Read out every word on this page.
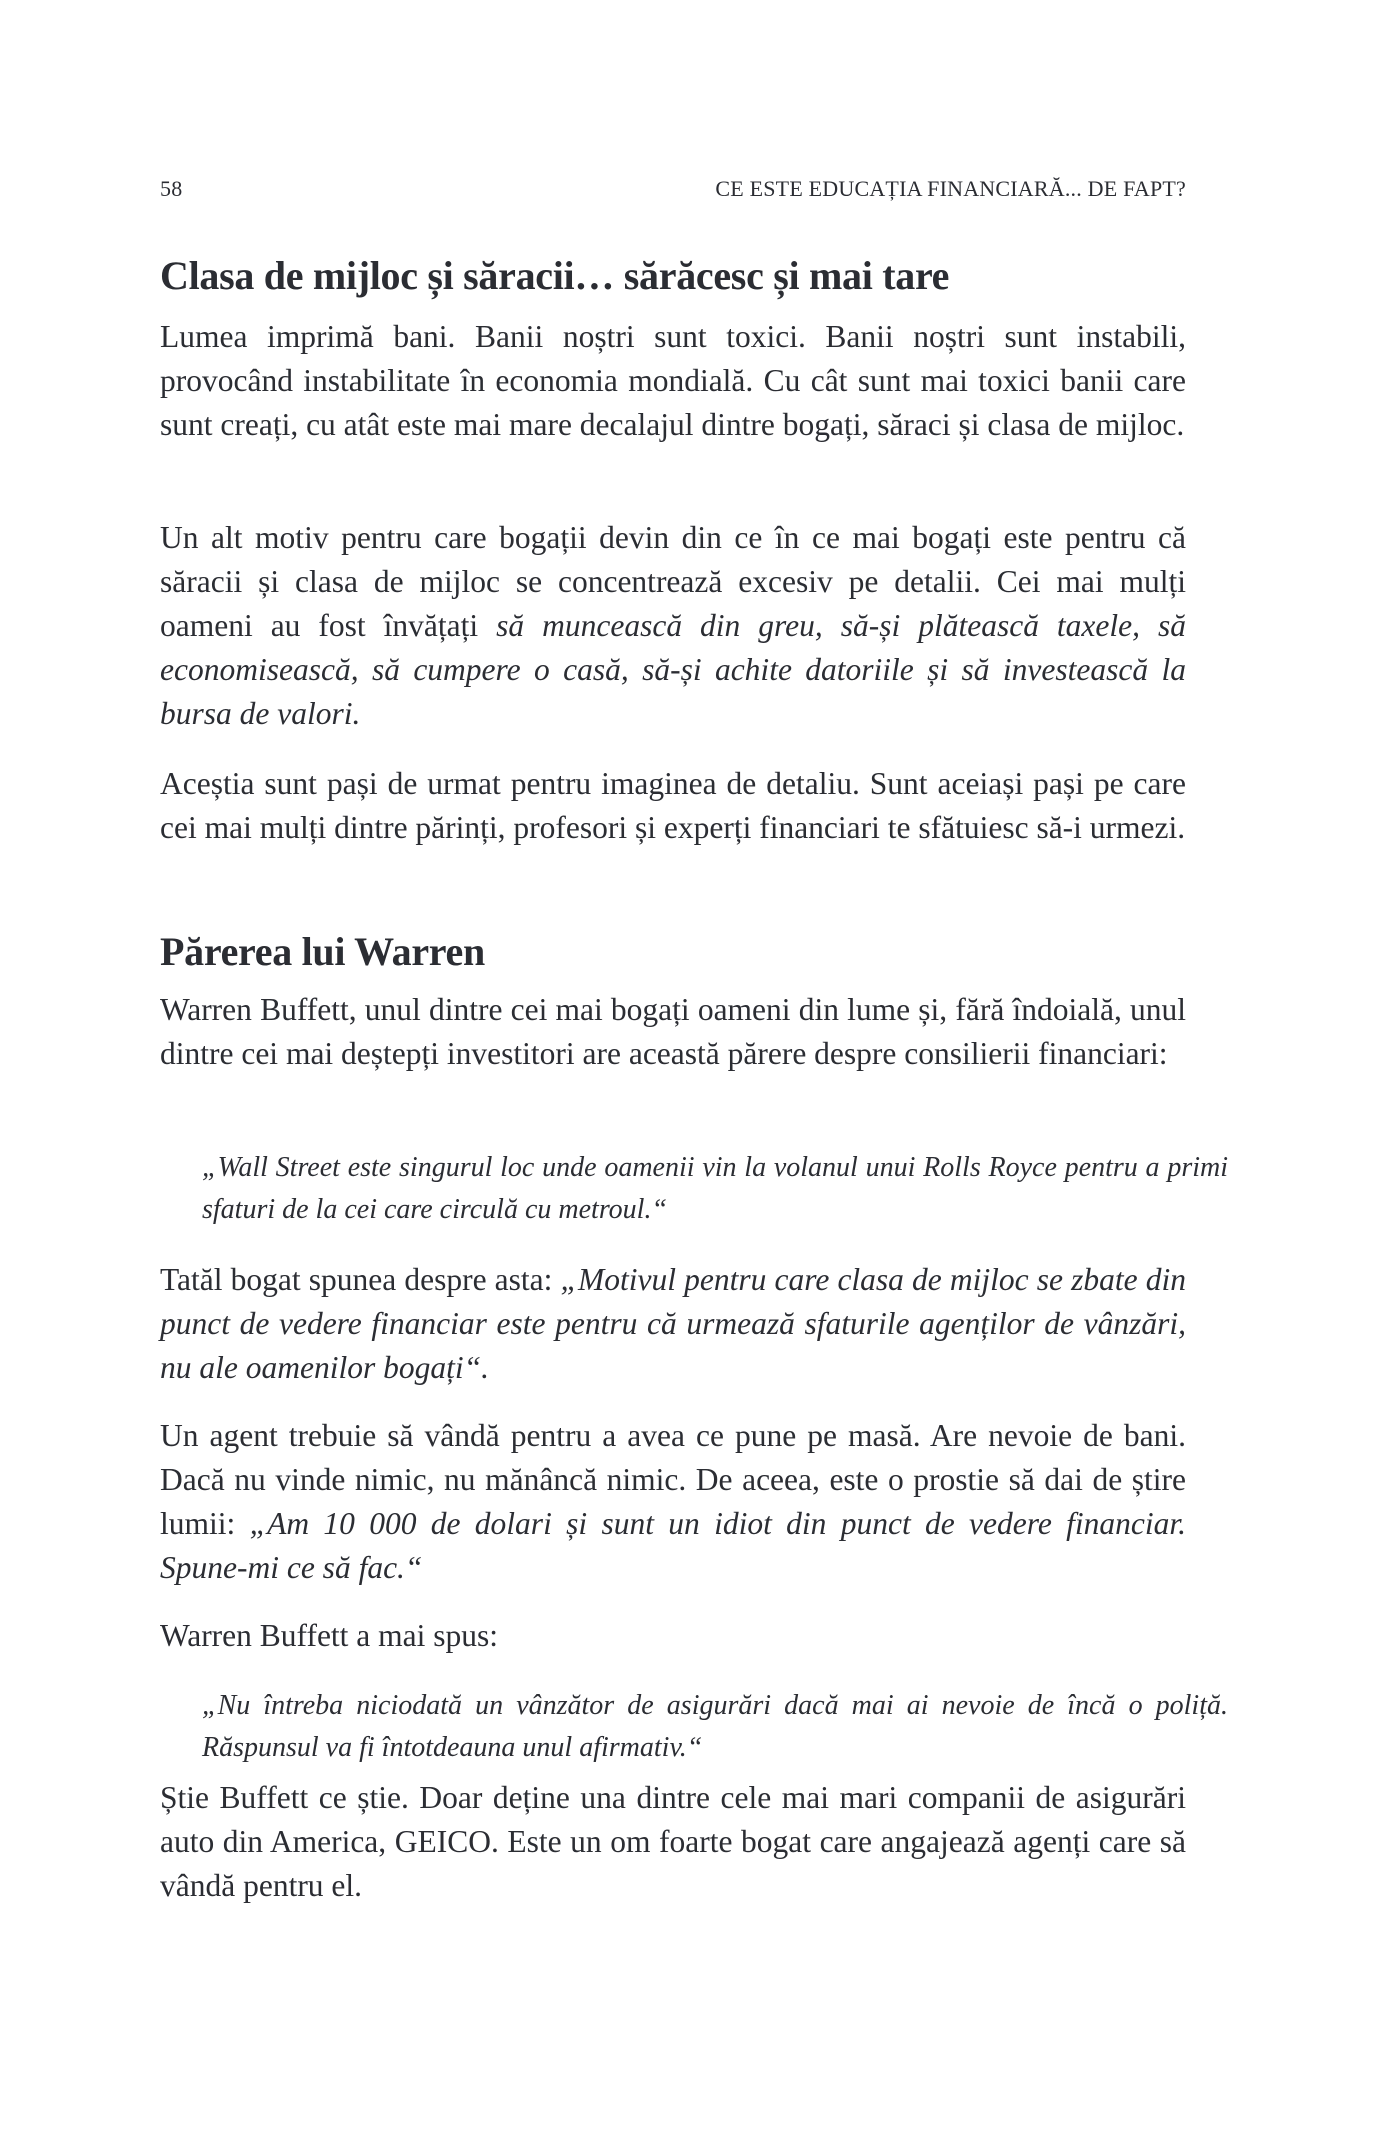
58	CE ESTE EDUCAȚIA FINANCIARĂ... DE FAPT?
Clasa de mijloc și săracii… sărăcesc și mai tare

Lumea imprimă bani. Banii noștri sunt toxici. Banii noștri sunt instabili, provocând instabilitate în economia mondială. Cu cât sunt mai toxici banii care sunt creați, cu atât este mai mare decalajul dintre bogați, săraci și clasa de mijloc.

Un alt motiv pentru care bogații devin din ce în ce mai bogați este pentru că săracii și clasa de mijloc se concentrează excesiv pe detalii. Cei mai mulți oameni au fost învățați să muncească din greu, să-și plătească taxele, să economisească, să cumpere o casă, să-și achite datoriile și să investească la bursa de valori.

Aceștia sunt pași de urmat pentru imaginea de detaliu. Sunt aceiași pași pe care cei mai mulți dintre părinți, profesori și experți financiari te sfătuiesc să-i urmezi.

Părerea lui Warren

Warren Buffett, unul dintre cei mai bogați oameni din lume și, fără îndoială, unul dintre cei mai deștepți investitori are această părere despre consilierii financiari:

„Wall Street este singurul loc unde oamenii vin la volanul unui Rolls Royce pentru a primi sfaturi de la cei care circulă cu metroul.“

Tatăl bogat spunea despre asta: „Motivul pentru care clasa de mijloc se zbate din punct de vedere financiar este pentru că urmează sfaturile agenților de vânzări, nu ale oamenilor bogați“.

Un agent trebuie să vândă pentru a avea ce pune pe masă. Are nevoie de bani. Dacă nu vinde nimic, nu mănâncă nimic. De aceea, este o prostie să dai de știre lumii: „Am 10 000 de dolari și sunt un idiot din punct de vedere financiar. Spune-mi ce să fac.“

Warren Buffett a mai spus:

„Nu întreba niciodată un vânzător de asigurări dacă mai ai nevoie de încă o poliță. Răspunsul va fi întotdeauna unul afirmativ.“

Știe Buffett ce știe. Doar deține una dintre cele mai mari companii de asigurări auto din America, GEICO. Este un om foarte bogat care angajează agenți care să vândă pentru el.
